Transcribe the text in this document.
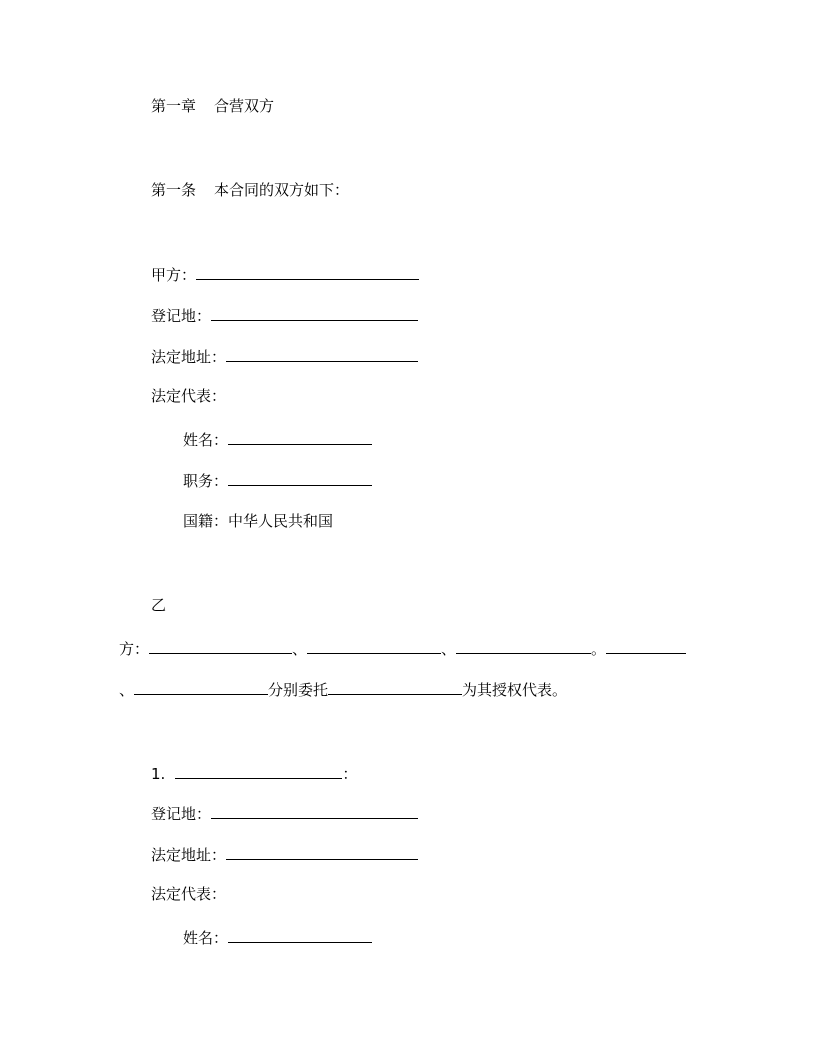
第一章 合营双方
第一条 本合同的双方如下：
甲方：
登记地：
法定地址：
法定代表：
姓名：
职务：
国籍：中华人民共和国
乙
方：	、	、	。
、	分别委托	为其授权代表。
1.	：
登记地：
法定地址：
法定代表：
姓名：
